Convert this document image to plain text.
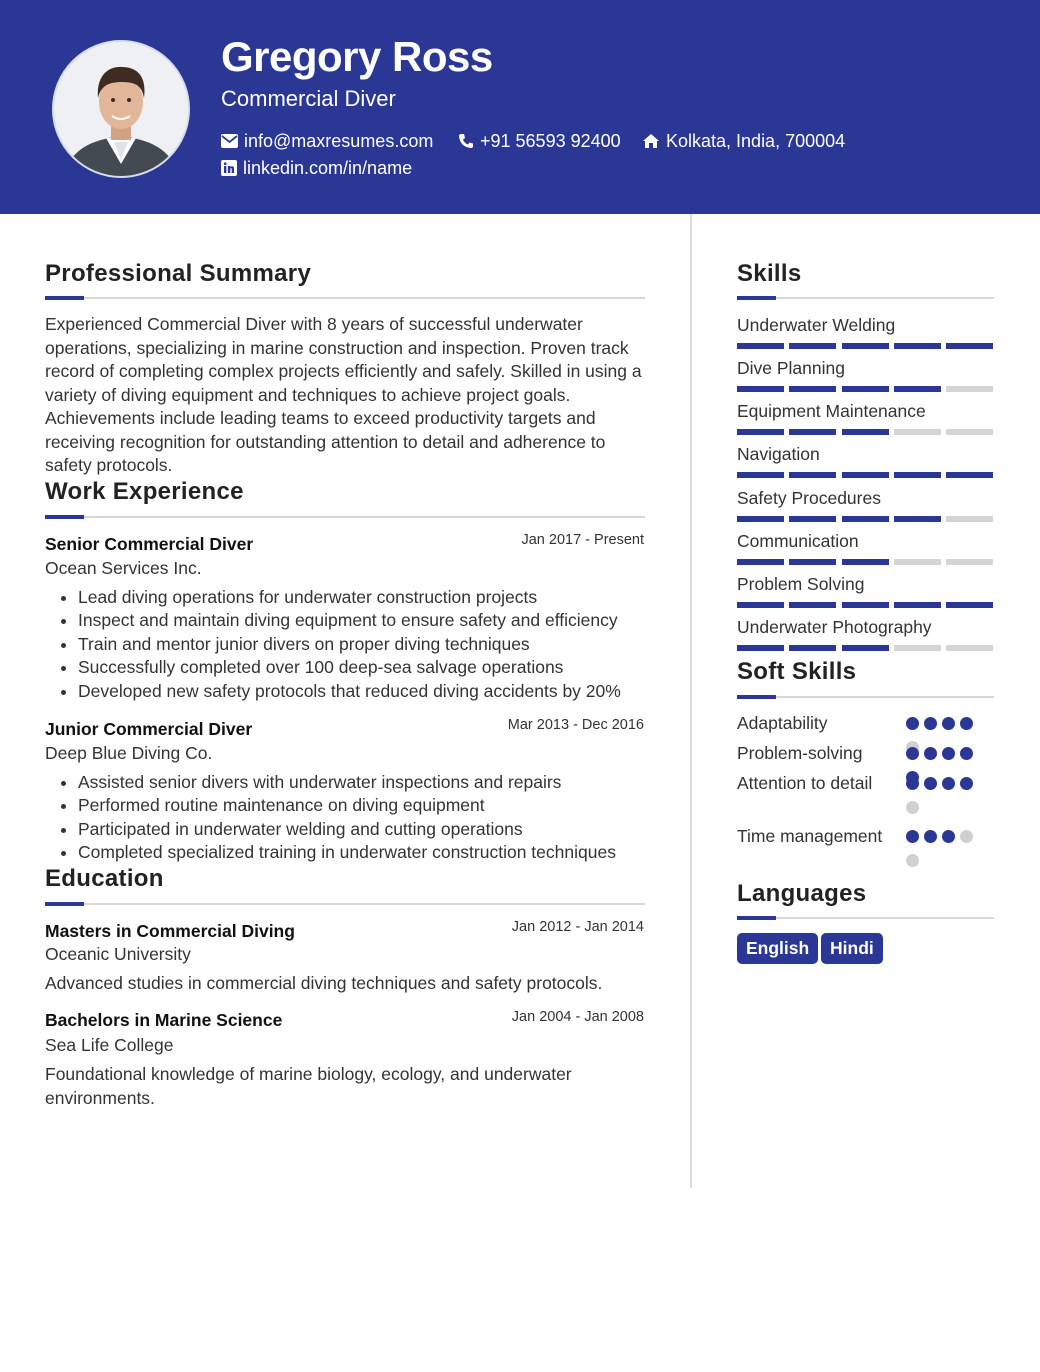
Gregory Ross
Commercial Diver
info@maxresumes.com	+91 56593 92400	Kolkata, India, 700004
linkedin.com/in/name
Professional Summary

Experienced Commercial Diver with 8 years of successful underwater operations, specializing in marine construction and inspection. Proven track record of completing complex projects efficiently and safely. Skilled in using a variety of diving equipment and techniques to achieve project goals. Achievements include leading teams to exceed productivity targets and receiving recognition for outstanding attention to detail and adherence to safety protocols.

Work Experience
Senior Commercial Diver	Jan 2017 - Present
Ocean Services Inc.
• Lead diving operations for underwater construction projects
• Inspect and maintain diving equipment to ensure safety and efficiency
• Train and mentor junior divers on proper diving techniques
• Successfully completed over 100 deep-sea salvage operations
• Developed new safety protocols that reduced diving accidents by 20%
Junior Commercial Diver	Mar 2013 - Dec 2016
Deep Blue Diving Co.
• Assisted senior divers with underwater inspections and repairs
• Performed routine maintenance on diving equipment
• Participated in underwater welding and cutting operations
• Completed specialized training in underwater construction techniques
Education
Masters in Commercial Diving	Jan 2012 - Jan 2014
Oceanic University

Advanced studies in commercial diving techniques and safety protocols.

Bachelors in Marine Science	Jan 2004 - Jan 2008
Sea Life College

Foundational knowledge of marine biology, ecology, and underwater environments.

Skills
Underwater Welding
Dive Planning
Equipment Maintenance
Navigation
Safety Procedures
Communication
Problem Solving
Underwater Photography
Soft Skills
Adaptability
Problem-solving
Attention to detail
Time management
Languages
English	Hindi
